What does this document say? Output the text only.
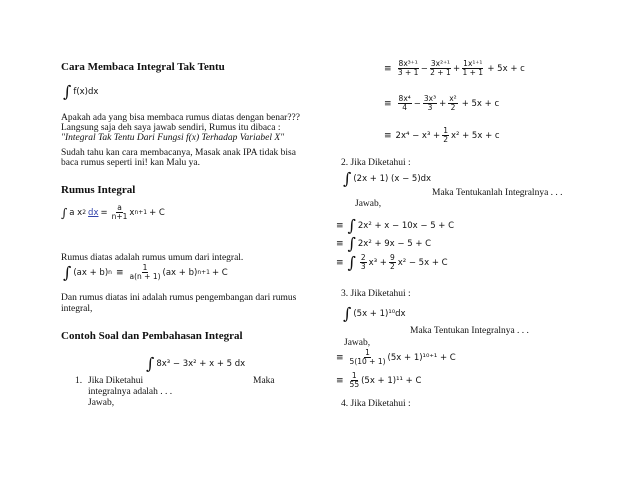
Cara Membaca Integral Tak Tentu
∫ f(x)dx
Apakah ada yang bisa membaca rumus diatas dengan benar???
Langsung saja deh saya jawab sendiri, Rumus itu dibaca :
"Integral Tak Tentu Dari Fungsi f(x) Terhadap Variabel X"
Sudah tahu kan cara membacanya, Masak anak IPA tidak bisa
baca rumus seperti ini! kan Malu ya.
Rumus Integral
∫ a x 2 dx = $\frac{a}{n+1}$ x n+1 + C
Rumus diatas adalah rumus umum dari integral.
∫ (ax + b) $n \equiv \frac{1}{a(n + 1)} (ax + b) n+1 + C$
Dan rumus diatas ini adalah rumus pengembangan dari rumus
integral,
Contoh Soal dan Pembahasan Integral
∫ 8x³ − 3x² + x + 5 dx
1. Jika Diketahui	Maka
integralnya adalah . . .
Jawab,
≡ $\frac{\text{8x³⁺¹}}{3 + 1} - \frac{\text{3x²⁺¹}}{2 + 1} + \frac{\text{1x¹⁺¹}}{1 + 1} + 5x + c$
≡ $\frac{\text{8x⁴}}{4} - \frac{\text{3x³}}{3} + \frac{\text{x²}}{2} + 5x + c$
≡ $2x^4 - x^3 + \frac{1}{2} x^2 + 5x + c$
2. Jika Diketahui :
∫ (2x + 1) (x − 5)dx
Maka Tentukanlah Integralnya . . .
Jawab,
≡ ∫ 2x² + x − 10x − 5 + C
≡ ∫ 2x² + 9x − 5 + C
≡ ∫ $\frac{2}{3} x^3 + \frac{9}{2} x^2 - 5x + C$
3. Jika Diketahui :
∫ (5x + 1)¹⁰dx
Maka Tentukan Integralnya . . .
Jawab,
≡ $\frac{1}{5(10 + 1)} (5x + 1)^{10+1} + C$
≡ $\frac{1}{55} (5x + 1)^{11} + C$
4. Jika Diketahui :
